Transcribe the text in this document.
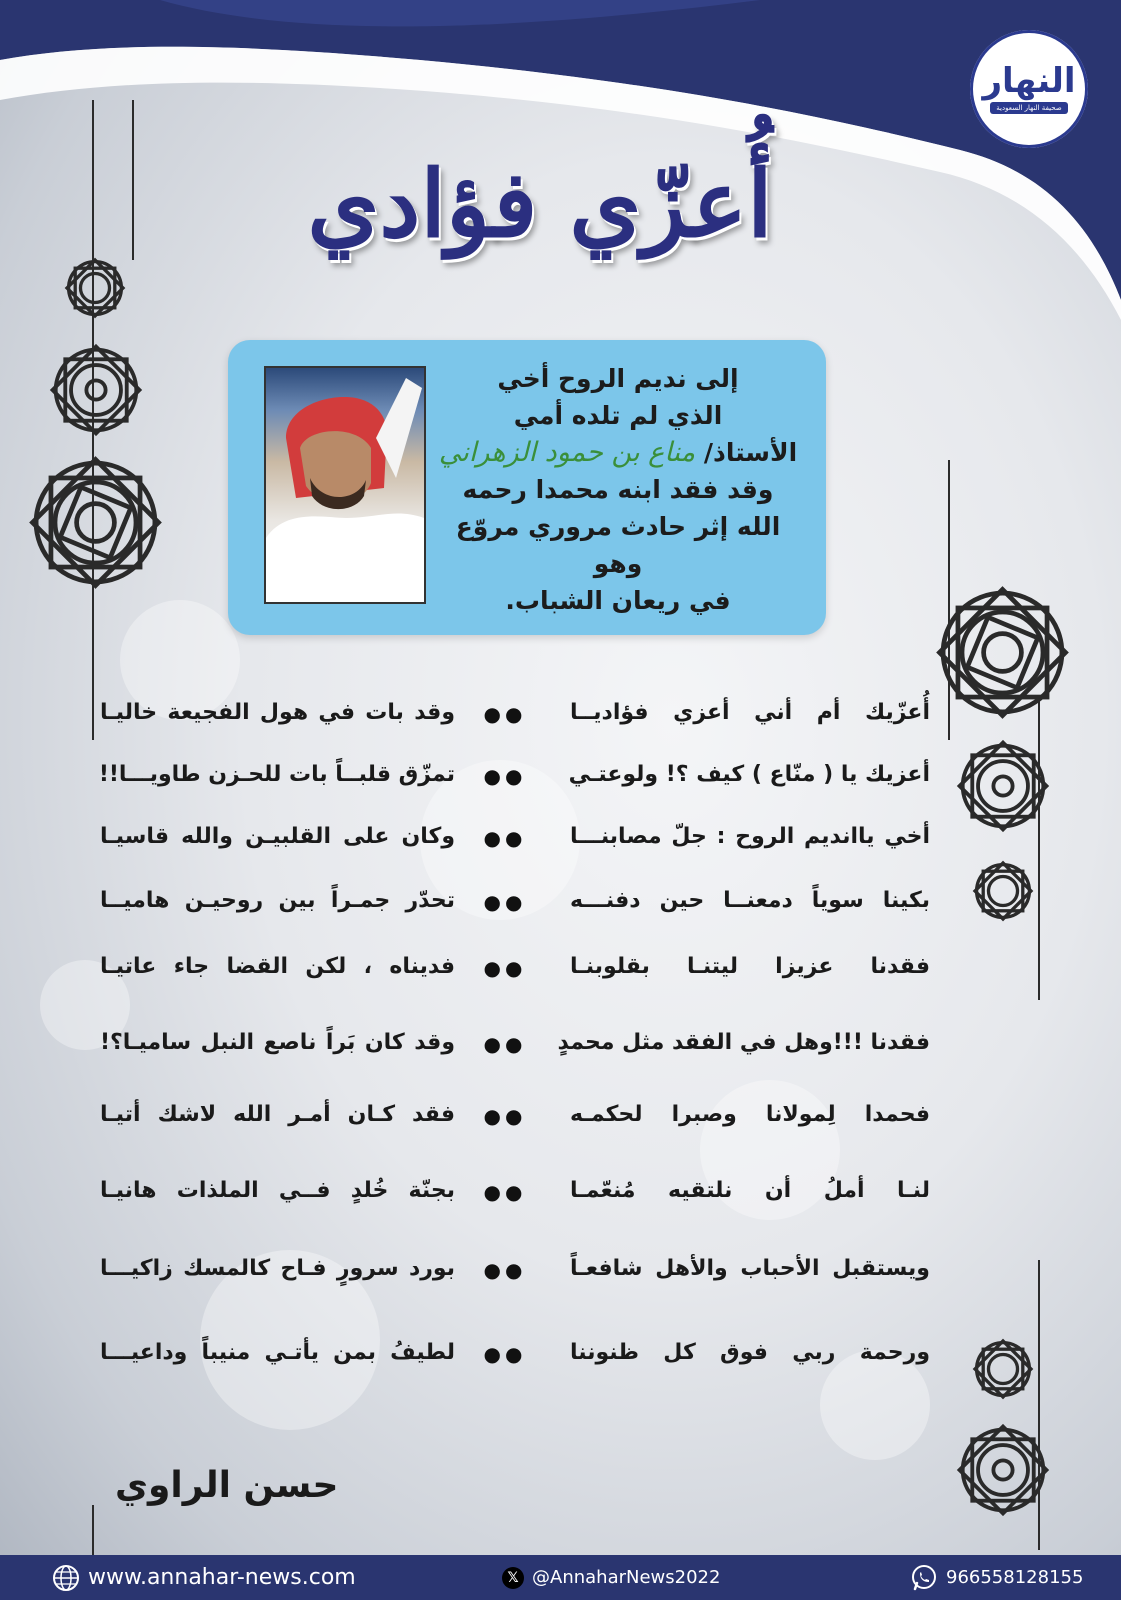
النهار
صحيفة النهار السعودية
أُعزّي فؤادي
إلى نديم الروح أخي
الذي لم تلده أمي
الأستاذ/ مناع بن حمود الزهراني
وقد فقد ابنه محمدا رحمه
الله إثر حادث مروري مروّع وهو
في ريعان الشباب.
أُعزّيك أم أني أعزي فؤاديــا
●●
وقد بات في هول الفجيعة خاليـا
أعزيك يا ( منّاع ) كيف ؟! ولوعتـي
●●
تمزّق قلبــاً بات للحـزن طاويـــا!!
أخي ياانديم الروح : جلّ مصابنـــا
●●
وكان على القلبيـن والله قاسيـا
بكينا سوياً دمعنــا حين دفنـــه
●●
تحدّر جمـراً بين روحيـن هاميــا
فقدنا عزيزا ليتنـا بقلوبنـا
●●
فديناه ، لكن القضا جاء عاتيـا
فقدنا !!!وهل في الفقد مثل محمدٍ
●●
وقد كان بَراً ناصع النبل ساميـا؟!
فحمدا لِمولانا وصبرا لحكمـه
●●
فقد كـان أمـر الله لاشك أتيـا
لنـا أملُ أن نلتقيه مُنعّمـا
●●
بجنّة خُلدٍ فــي الملذات هانيـا
ويستقبل الأحباب والأهل شافعـاً
●●
بورد سرورٍ فـاح كالمسك زاكيـــا
ورحمة ربي فوق كل ظنوننا
●●
لطيفُ بمن يأتـي منيباً وداعيـــا
حسن الراوي
www.annahar-news.com	𝕏 @AnnaharNews2022	966558128155
